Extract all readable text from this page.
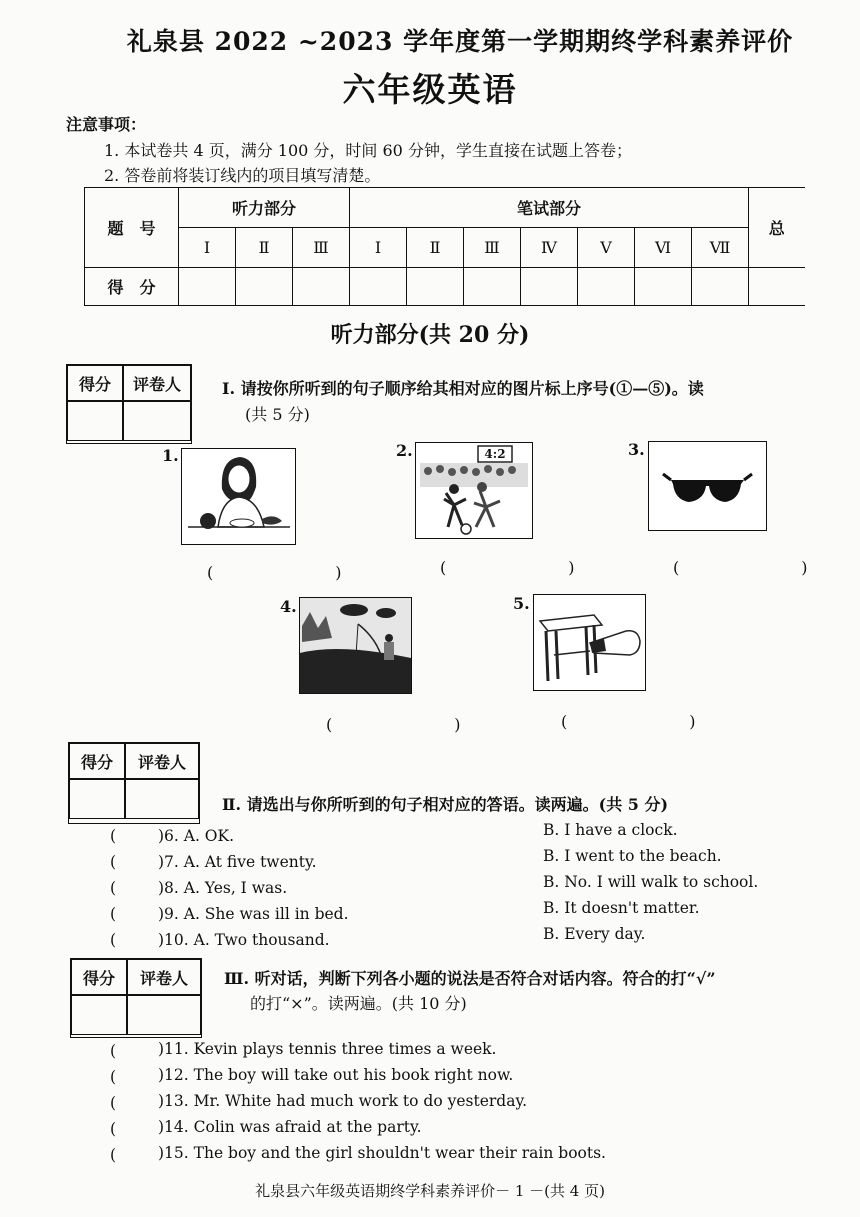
礼泉县 2022 ~2023 学年度第一学期期终学科素养评价
六年级英语
注意事项：
1. 本试卷共 4 页，满分 100 分，时间 60 分钟，学生直接在试题上答卷；
2. 答卷前将装订线内的项目填写清楚。
题　号	听力部分			笔试部分							总
	Ⅰ	Ⅱ	Ⅲ	Ⅰ	Ⅱ	Ⅲ	Ⅳ	Ⅴ	Ⅵ	Ⅶ	
得　分											
听力部分(共 20 分)
得分	评卷人	Ⅰ. 请按你所听到的句子顺序给其相对应的图片标上序号(①—⑤)。读
(共 5 分)
1.
(　　)
2.	4:2
(　　)
3.
(　　)
4.
(　　)
5.
(　　)
得分	评卷人
Ⅱ. 请选出与你所听到的句子相对应的答语。读两遍。(共 5 分)
(	)6. A. OK.	B. I have a clock.
(	)7. A. At five twenty.	B. I went to the beach.
(	)8. A. Yes, I was.	B. No. I will walk to school.
(	)9. A. She was ill in bed.	B. It doesn't matter.
(	)10. A. Two thousand.	B. Every day.
得分	评卷人	Ⅲ. 听对话，判断下列各小题的说法是否符合对话内容。符合的打“√”
的打“×”。读两遍。(共 10 分)
(	)11. Kevin plays tennis three times a week.
(	)12. The boy will take out his book right now.
(	)13. Mr. White had much work to do yesterday.
(	)14. Colin was afraid at the party.
(	)15. The boy and the girl shouldn't wear their rain boots.
礼泉县六年级英语期终学科素养评价－ 1 －(共 4 页)
